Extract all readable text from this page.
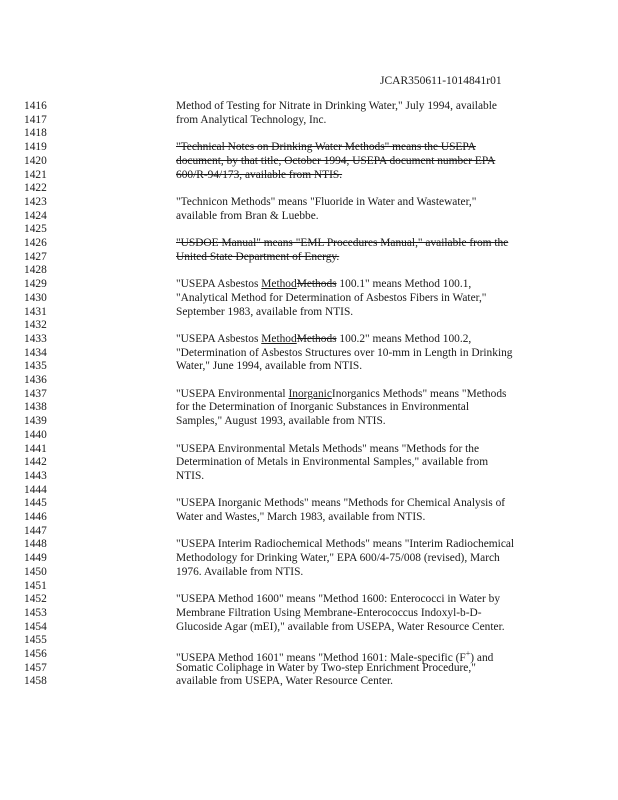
JCAR350611-1014841r01
1416	Method of Testing for Nitrate in Drinking Water," July 1994, available
1417	from Analytical Technology, Inc.
1418
1419	"Technical Notes on Drinking Water Methods" means the USEPA
1420	document, by that title, October 1994, USEPA document number EPA
1421	600/R-94/173, available from NTIS.
1422
1423	"Technicon Methods" means "Fluoride in Water and Wastewater,"
1424	available from Bran & Luebbe.
1425
1426	"USDOE Manual" means "EML Procedures Manual," available from the
1427	United State Department of Energy.
1428
1429	"USEPA Asbestos MethodMethods 100.1" means Method 100.1,
1430	"Analytical Method for Determination of Asbestos Fibers in Water,"
1431	September 1983, available from NTIS.
1432
1433	"USEPA Asbestos MethodMethods 100.2" means Method 100.2,
1434	"Determination of Asbestos Structures over 10-mm in Length in Drinking
1435	Water," June 1994, available from NTIS.
1436
1437	"USEPA Environmental InorganicInorganics Methods" means "Methods
1438	for the Determination of Inorganic Substances in Environmental
1439	Samples," August 1993, available from NTIS.
1440
1441	"USEPA Environmental Metals Methods" means "Methods for the
1442	Determination of Metals in Environmental Samples," available from
1443	NTIS.
1444
1445	"USEPA Inorganic Methods" means "Methods for Chemical Analysis of
1446	Water and Wastes," March 1983, available from NTIS.
1447
1448	"USEPA Interim Radiochemical Methods" means "Interim Radiochemical
1449	Methodology for Drinking Water," EPA 600/4-75/008 (revised), March
1450	1976. Available from NTIS.
1451
1452	"USEPA Method 1600" means "Method 1600: Enterococci in Water by
1453	Membrane Filtration Using Membrane-Enterococcus Indoxyl-b-D-
1454	Glucoside Agar (mEI)," available from USEPA, Water Resource Center.
1455
1456	"USEPA Method 1601" means "Method 1601: Male-specific (F+) and
1457	Somatic Coliphage in Water by Two-step Enrichment Procedure,"
1458	available from USEPA, Water Resource Center.
